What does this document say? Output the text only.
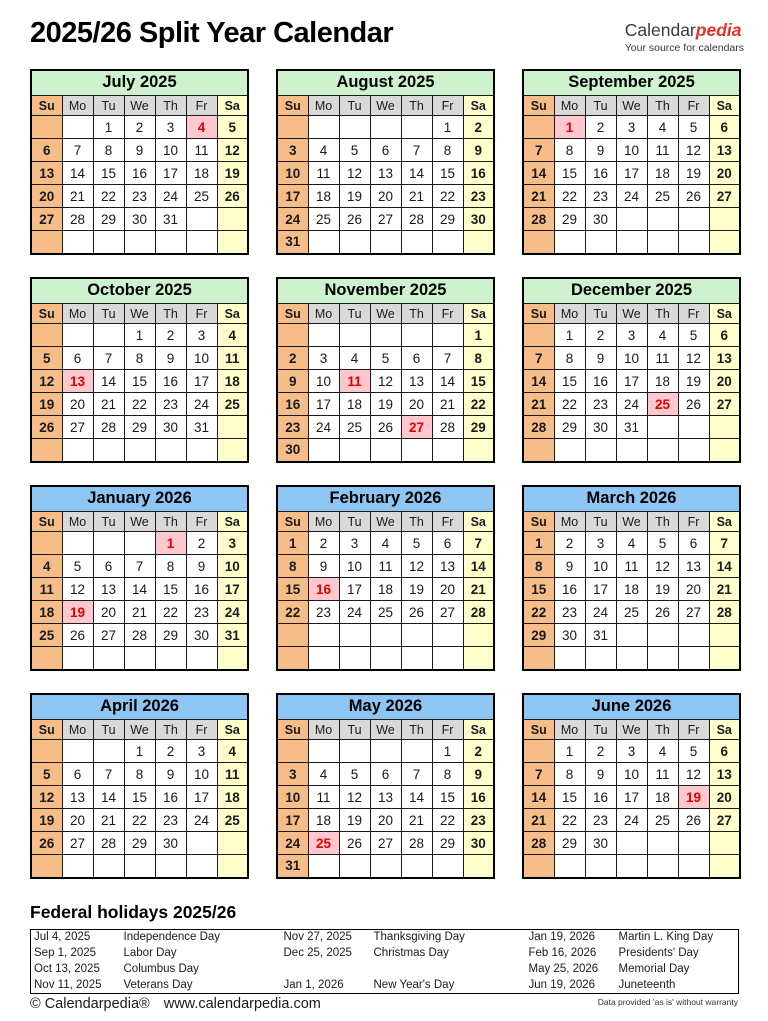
2025/26 Split Year Calendar	Calendarpedia
Your source for calendars
July 2025						
Su	Mo	Tu	We	Th	Fr	Sa
		1	2	3	4	5
6	7	8	9	10	11	12
13	14	15	16	17	18	19
20	21	22	23	24	25	26
27	28	29	30	31		

August 2025						
Su	Mo	Tu	We	Th	Fr	Sa
					1	2
3	4	5	6	7	8	9
10	11	12	13	14	15	16
17	18	19	20	21	22	23
24	25	26	27	28	29	30
31						
September 2025						
Su	Mo	Tu	We	Th	Fr	Sa
	1	2	3	4	5	6
7	8	9	10	11	12	13
14	15	16	17	18	19	20
21	22	23	24	25	26	27
28	29	30				

October 2025						
Su	Mo	Tu	We	Th	Fr	Sa
			1	2	3	4
5	6	7	8	9	10	11
12	13	14	15	16	17	18
19	20	21	22	23	24	25
26	27	28	29	30	31	

November 2025						
Su	Mo	Tu	We	Th	Fr	Sa
						1
2	3	4	5	6	7	8
9	10	11	12	13	14	15
16	17	18	19	20	21	22
23	24	25	26	27	28	29
30						
December 2025						
Su	Mo	Tu	We	Th	Fr	Sa
	1	2	3	4	5	6
7	8	9	10	11	12	13
14	15	16	17	18	19	20
21	22	23	24	25	26	27
28	29	30	31			

January 2026						
Su	Mo	Tu	We	Th	Fr	Sa
				1	2	3
4	5	6	7	8	9	10
11	12	13	14	15	16	17
18	19	20	21	22	23	24
25	26	27	28	29	30	31

February 2026						
Su	Mo	Tu	We	Th	Fr	Sa
1	2	3	4	5	6	7
8	9	10	11	12	13	14
15	16	17	18	19	20	21
22	23	24	25	26	27	28

March 2026						
Su	Mo	Tu	We	Th	Fr	Sa
1	2	3	4	5	6	7
8	9	10	11	12	13	14
15	16	17	18	19	20	21
22	23	24	25	26	27	28
29	30	31				

April 2026						
Su	Mo	Tu	We	Th	Fr	Sa
			1	2	3	4
5	6	7	8	9	10	11
12	13	14	15	16	17	18
19	20	21	22	23	24	25
26	27	28	29	30		

May 2026						
Su	Mo	Tu	We	Th	Fr	Sa
					1	2
3	4	5	6	7	8	9
10	11	12	13	14	15	16
17	18	19	20	21	22	23
24	25	26	27	28	29	30
31						
June 2026						
Su	Mo	Tu	We	Th	Fr	Sa
	1	2	3	4	5	6
7	8	9	10	11	12	13
14	15	16	17	18	19	20
21	22	23	24	25	26	27
28	29	30				

Federal holidays 2025/26
Jul 4, 2025	Independence Day	Nov 27, 2025	Thanksgiving Day	Jan 19, 2026	Martin L. King Day
Sep 1, 2025	Labor Day	Dec 25, 2025	Christmas Day	Feb 16, 2026	Presidents' Day
Oct 13, 2025	Columbus Day			May 25, 2026	Memorial Day
Nov 11, 2025	Veterans Day	Jan 1, 2026	New Year's Day	Jun 19, 2026	Juneteenth
© Calendarpedia® www.calendarpedia.com	Data provided 'as is' without warranty
